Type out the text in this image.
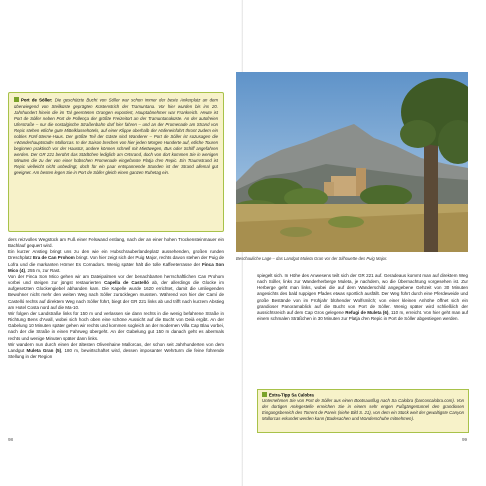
Port de Sóller: Die geschützte Bucht von Sóller war schon immer der beste Ankerplatz an dem überwiegend von Steilküste geprägten Küstenstrich der Tramuntana. Vor hier wurden bis ins 20. Jahrhundert hinein die im Tal geernteten Orangen exportiert, Hauptabnehmer war Frankreich. Heute ist Port de Sóller neben Port de Pollença der größte Freizeitort an der Tramuntanaküste. An der autofreien Uferstraße – nur die nostalgische Straßenbahn darf hier fahren – und an der Promenade am Strand von Repic stehen etliche gute Mittelklassehotels, auf einer Klippe oberhalb der Hafeneinfahrt thront zudem ein nobles Fünf-Sterne-Haus. Der größte Teil der Gäste sind Wanderer – Port de Sóller ist sozusagen die »Wanderhauptstadt« Mallorcas. In der Saison brechen von hier jeden Morgen Hunderte auf, etliche Touren beginnen praktisch vor der Haustür, andere können schnell mit Miettwegen, Bus oder Schiff angefahren werden. Der GR 221 berührt das Städtchen lediglich am Ortsrand, doch von dort kommen Sie in wenigen Minuten die zu der von einer hübschen Promenade eingefasste Platja d'en Repic. Ein Traumstrand ist Repic vielleicht nicht unbedingt, doch für ein paar entspannende Stunden ist der Strand allemal gut geeignet. Am besten legen Sie in Port de Sóller gleich einen ganzen Ruhetag ein.

ders reizvolles Wegstück am Fuß einer Felswand entlang, nach der an einer hohen Trockensteinmauer ein Bachlauf gequert wird.

Ein kurzer Anstieg bringt uns zu den wie ein Hubschrauberlandeplatz aussehenden, großen runden Dreschplatz Era de Can Prohom bringt. Von hier zeigt sich der Puig Major, rechts davon stehen der Puig de Lofra und die markanten Hörner Es Cornadors. Wenig später hält die tolle Kaffeeterrasse der Finca Son Mico (4), 255 m, zur Rast.

Von der Finca Son Mico gehen wir am Dateipalmen vor der benachbarten herrschaftlichen Can Prohom vorbei und steigen zur jüngst restaurierten Capella de Castelló ab, der allerdings die Glocke im aufgesetzten Glockengiebel abhanden kam. Die Kapelle wurde 1620 errichtet, damit die umliegenden Bewohner nicht mehr den weiten Weg nach Sóller zurücklegen mussten. Während von hier der Camí de Castelló rechts auf direktem Weg nach Sóller führt, biegt der GR 221 links ab und trifft nach kurzem Abstieg am Hotel Costa nord auf die Ma-10.

Wir folgen der Landstraße links für 150 m und verlassen sie dann rechts in die wenig befahrene Straße in Richtung Bens d'Avall, wobei sich hoch oben eine schöne Aussicht auf die Bucht von Deià ergibt. An der Gabelung 10 Minuten später gehen wir rechts und kommen sogleich an der modernen Villa Cap Blau vorbei, nach der die Straße in einen Fahrweg übergeht. An der Gabelung gut 150 m danach geht es abermals rechts und wenige Minuten später dann links.

Wir wandern nun durch einen der ältesten Olivenhaine Mallorcas, der schon seit Jahrhunderten von dem Landgut Muleta Gran (5), 180 m, bewirtschaftet wird, dessen imposanter Wehrturm die feine führende Stellung in der Region

98
Beschauliche Lage – das Landgut Muleta Gran vor der Silhouette des Puig Major.

spiegelt sich. In Höhe des Anwesens teilt sich der GR 221 auf. Geradeaus kommt man auf direktem Weg nach Sóller, links zur Wanderherberge Muleta, je nachdem, wo die Übernachtung vorgesehen ist. Zur Herberge geht man links, wobei die auf dem Wanderschild angegebene Gehzeit von 30 Minuten angesichts des bald ruppigen Pfades etwas sportlich ausfällt. Der Weg führt durch eine Pferdeweide und große Bestände von im Frühjahr blühender Wolfsmilch; von einer kleinen Anhöhe öffnet sich ein grandioser Panoramablick auf die Bucht von Port de Sóller. Wenig später wird schließlich der aussichtsreich auf dem Cap Gros gelegene Refugi de Muleta (6), 110 m, erreicht. Von hier geht man auf einem schmalen Sträßchen in 30 Minuten zur Platja d'en Repic in Port de Sóller abgestiegen werden.

Extra-Tipp Sa Calobra
Unternehmen Sie von Port de Sóller aus einen Bootsausflug nach Sa Calobra (barcoscalobra.com). Von der dortigen Anlegestelle erreichen Sie in einem sehr engen Fußgängertunnel den grandiosen Eingangsbereich des Torrent de Pareis (siehe Bild S. 21), von dem ein Stück weit der gewaltigste Canyon Mallorcas erkundet werden kann (Badesachen und Wanderschuhe mitnehmen).
99
